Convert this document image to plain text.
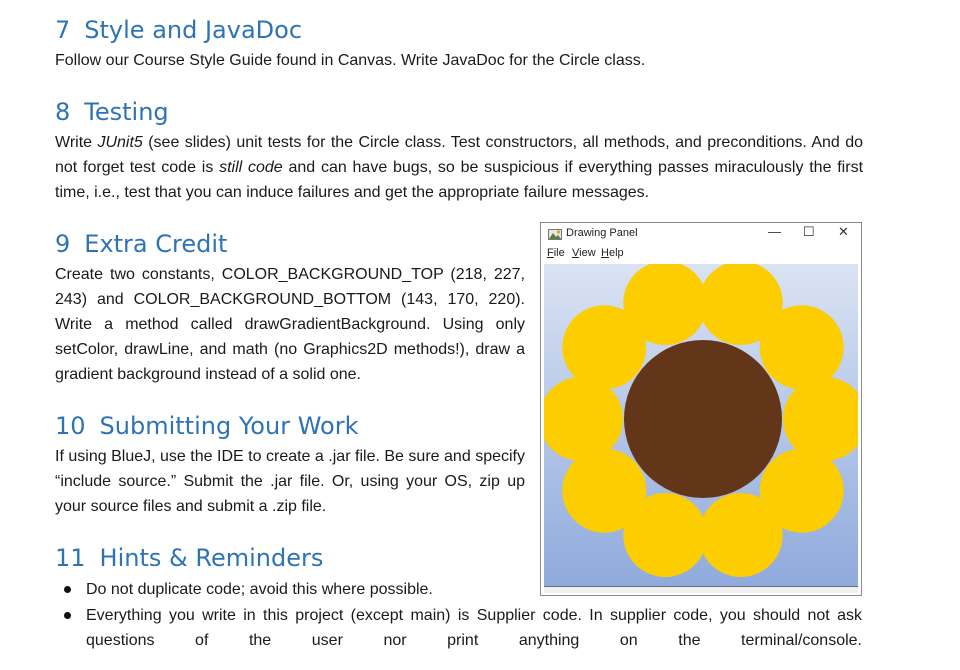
7 Style and JavaDoc

Follow our Course Style Guide found in Canvas. Write JavaDoc for the Circle class.

8 Testing

Write JUnit5 (see slides) unit tests for the Circle class. Test constructors, all methods, and preconditions. And do not forget test code is still code and can have bugs, so be suspicious if everything passes miraculously the first time, i.e., test that you can induce failures and get the appropriate failure messages.

9 Extra Credit

Create two constants, COLOR_BACKGROUND_TOP (218, 227, 243) and COLOR_BACKGROUND_BOTTOM (143, 170, 220). Write a method called drawGradientBackground. Using only setColor, drawLine, and math (no Graphics2D methods!), draw a gradient background instead of a solid one.

10 Submitting Your Work

If using BlueJ, use the IDE to create a .jar file. Be sure and specify “include source.” Submit the .jar file. Or, using your OS, zip up your source files and submit a .zip file.

11 Hints & Reminders

Do not duplicate code; avoid this where possible.

Everything you write in this project (except main) is Supplier code. In supplier code, you should not ask questions of the user nor print anything on the terminal/console.

Drawing Panel	— ☐ ✕
File View Help
